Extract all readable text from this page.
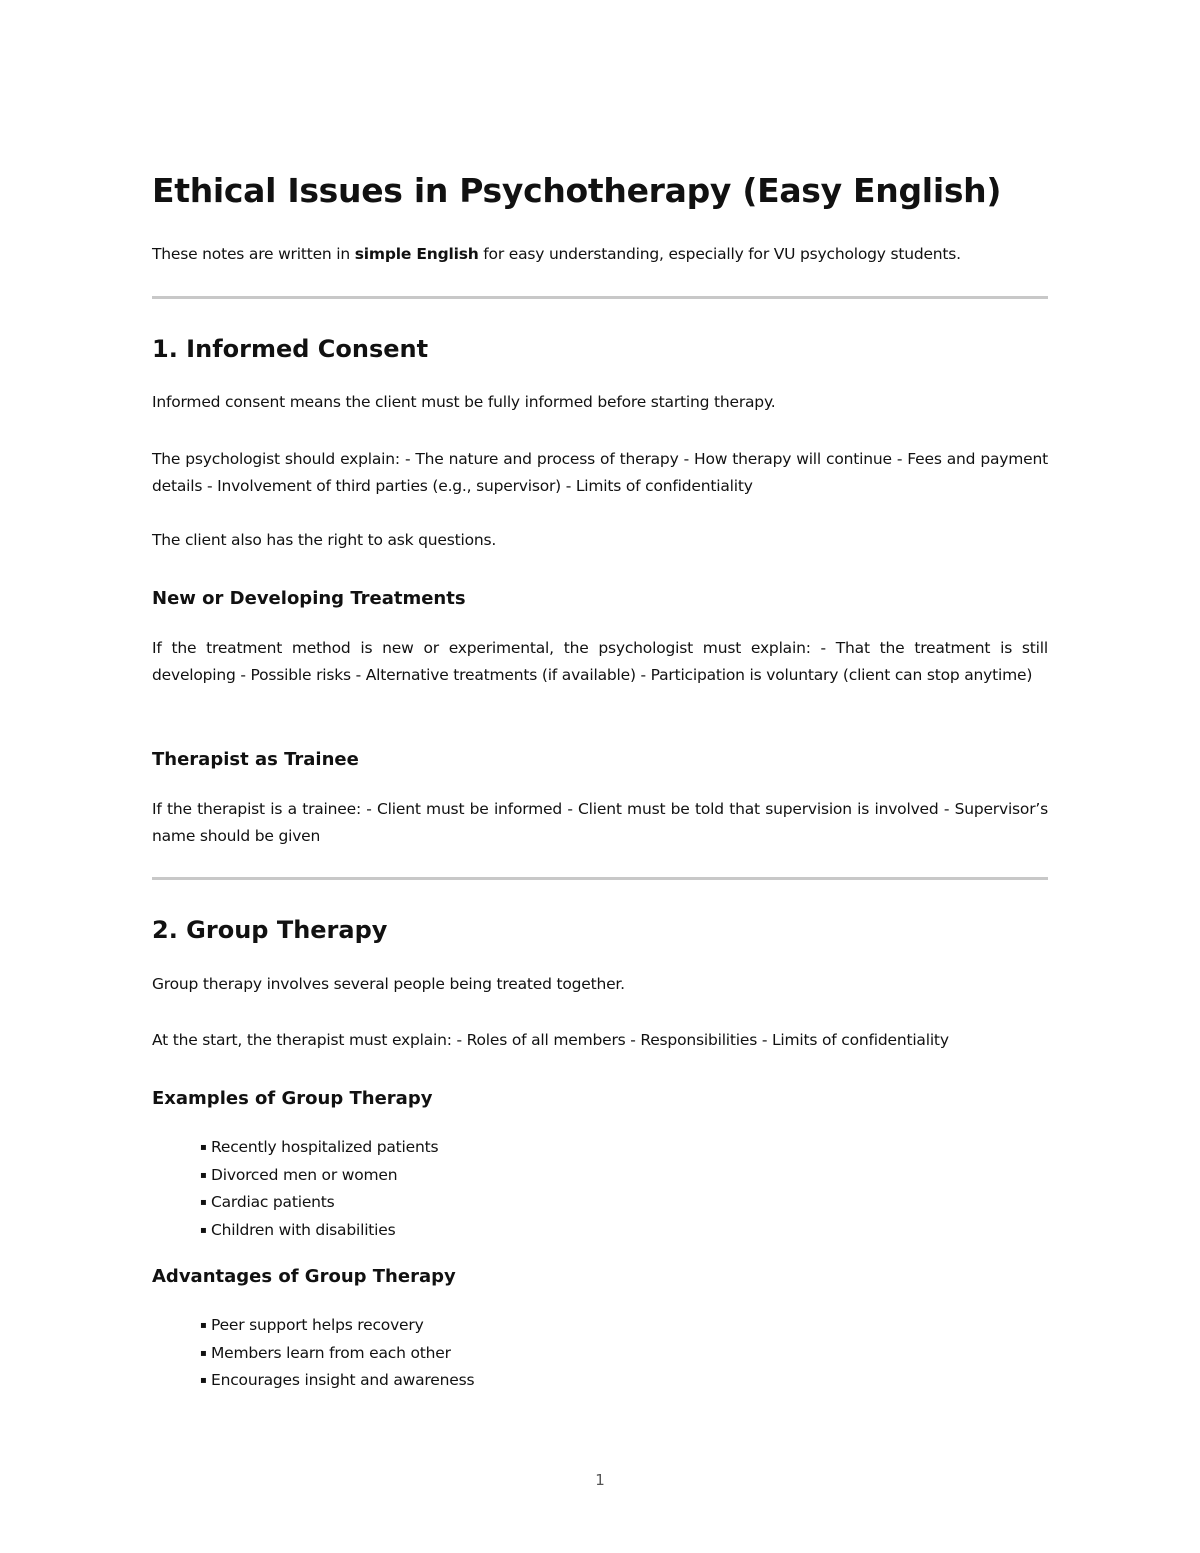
Ethical Issues in Psychotherapy (Easy English)

These notes are written in simple English for easy understanding, especially for VU psychology students.

1. Informed Consent

Informed consent means the client must be fully informed before starting therapy.

The psychologist should explain: - The nature and process of therapy - How therapy will continue - Fees and payment details - Involvement of third parties (e.g., supervisor) - Limits of confidentiality

The client also has the right to ask questions.

New or Developing Treatments

If the treatment method is new or experimental, the psychologist must explain: - That the treatment is still developing - Possible risks - Alternative treatments (if available) - Participation is voluntary (client can stop anytime)

Therapist as Trainee

If the therapist is a trainee: - Client must be informed - Client must be told that supervision is involved - Supervisor’s name should be given

2. Group Therapy

Group therapy involves several people being treated together.

At the start, the therapist must explain: - Roles of all members - Responsibilities - Limits of confidentiality

Examples of Group Therapy
▪ Recently hospitalized patients
▪ Divorced men or women
▪ Cardiac patients
▪ Children with disabilities
Advantages of Group Therapy
▪ Peer support helps recovery
▪ Members learn from each other
▪ Encourages insight and awareness
1
